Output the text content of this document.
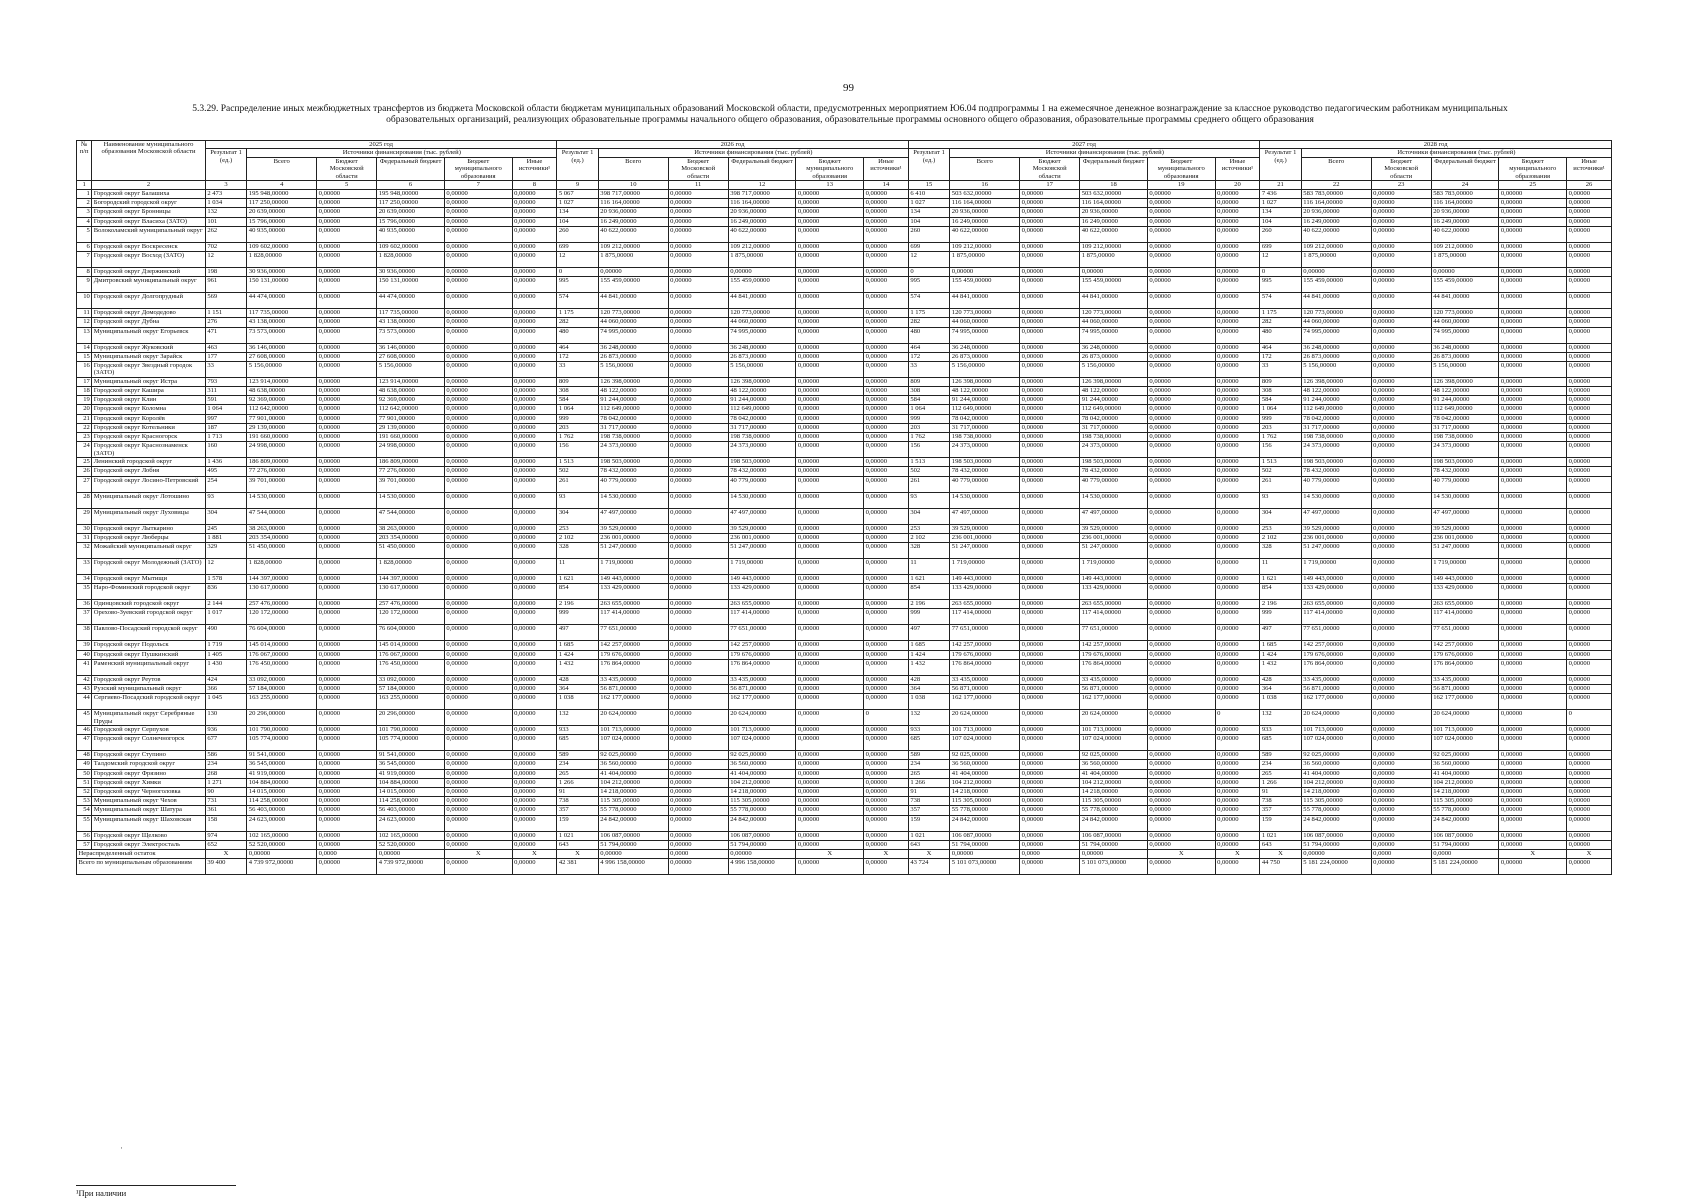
99
5.3.29. Распределение иных межбюджетных трансфертов из бюджета Московской области бюджетам муниципальных образований Московской области, предусмотренных мероприятием Ю6.04 подпрограммы 1 на ежемесячное денежное вознаграждение за классное руководство педагогическим работникам муниципальных
образовательных организаций, реализующих образовательные программы начального общего образования, образовательные программы основного общего образования, образовательные программы среднего общего образования
№ п/п	Наименование муниципального образования Московской области	2025 год						2026 год						2027 год						2028 год					
		Результат 1 (ед.)	Источники финансирования (тыс. рублей)					Результат 1 (ед.)	Источники финансирования (тыс. рублей)					Результат 1 (ед.)	Источники финансирования (тыс. рублей)					Результат 1 (ед.)	Источники финансирования (тыс. рублей)				
			Всего	Бюджет Московской области	Федеральный бюджет	Бюджет муниципального образования	Иные источники¹		Всего	Бюджет Московской области	Федеральный бюджет	Бюджет муниципального образования	Иные источники¹		Всего	Бюджет Московской области	Федеральный бюджет	Бюджет муниципального образования	Иные источники¹		Всего	Бюджет Московской области	Федеральный бюджет	Бюджет муниципального образования	Иные источники¹
1	2	3	4	5	6	7	8	9	10	11	12	13	14	15	16	17	18	19	20	21	22	23	24	25	26
1	Городской округ Балашиха	2 473	195 948,00000	0,00000	195 948,00000	0,00000	0,00000	5 067	398 717,00000	0,00000	398 717,00000	0,00000	0,00000	6 410	503 632,00000	0,00000	503 632,00000	0,00000	0,00000	7 436	583 783,00000	0,00000	583 783,00000	0,00000	0,00000
2	Богородский городской округ	1 034	117 250,00000	0,00000	117 250,00000	0,00000	0,00000	1 027	116 164,00000	0,00000	116 164,00000	0,00000	0,00000	1 027	116 164,00000	0,00000	116 164,00000	0,00000	0,00000	1 027	116 164,00000	0,00000	116 164,00000	0,00000	0,00000
3	Городской округ Бронницы	132	20 639,00000	0,00000	20 639,00000	0,00000	0,00000	134	20 936,00000	0,00000	20 936,00000	0,00000	0,00000	134	20 936,00000	0,00000	20 936,00000	0,00000	0,00000	134	20 936,00000	0,00000	20 936,00000	0,00000	0,00000
4	Городской округ Власиха (ЗАТО)	101	15 796,00000	0,00000	15 796,00000	0,00000	0,00000	104	16 249,00000	0,00000	16 249,00000	0,00000	0,00000	104	16 249,00000	0,00000	16 249,00000	0,00000	0,00000	104	16 249,00000	0,00000	16 249,00000	0,00000	0,00000
5	Волоколамский муниципальный округ	262	40 935,00000	0,00000	40 935,00000	0,00000	0,00000	260	40 622,00000	0,00000	40 622,00000	0,00000	0,00000	260	40 622,00000	0,00000	40 622,00000	0,00000	0,00000	260	40 622,00000	0,00000	40 622,00000	0,00000	0,00000
6	Городской округ Воскресенск	702	109 602,00000	0,00000	109 602,00000	0,00000	0,00000	699	109 212,00000	0,00000	109 212,00000	0,00000	0,00000	699	109 212,00000	0,00000	109 212,00000	0,00000	0,00000	699	109 212,00000	0,00000	109 212,00000	0,00000	0,00000
7	Городской округ Восход (ЗАТО)	12	1 828,00000	0,00000	1 828,00000	0,00000	0,00000	12	1 875,00000	0,00000	1 875,00000	0,00000	0,00000	12	1 875,00000	0,00000	1 875,00000	0,00000	0,00000	12	1 875,00000	0,00000	1 875,00000	0,00000	0,00000
8	Городской округ Дзержинский	198	30 936,00000	0,00000	30 936,00000	0,00000	0,00000	0	0,00000	0,00000	0,00000	0,00000	0,00000	0	0,00000	0,00000	0,00000	0,00000	0,00000	0	0,00000	0,00000	0,00000	0,00000	0,00000
9	Дмитровский муниципальный округ	961	150 131,00000	0,00000	150 131,00000	0,00000	0,00000	995	155 459,00000	0,00000	155 459,00000	0,00000	0,00000	995	155 459,00000	0,00000	155 459,00000	0,00000	0,00000	995	155 459,00000	0,00000	155 459,00000	0,00000	0,00000
10	Городской округ Долгопрудный	569	44 474,00000	0,00000	44 474,00000	0,00000	0,00000	574	44 841,00000	0,00000	44 841,00000	0,00000	0,00000	574	44 841,00000	0,00000	44 841,00000	0,00000	0,00000	574	44 841,00000	0,00000	44 841,00000	0,00000	0,00000
11	Городской округ Домодедово	1 151	117 735,00000	0,00000	117 735,00000	0,00000	0,00000	1 175	120 773,00000	0,00000	120 773,00000	0,00000	0,00000	1 175	120 773,00000	0,00000	120 773,00000	0,00000	0,00000	1 175	120 773,00000	0,00000	120 773,00000	0,00000	0,00000
12	Городской округ Дубна	276	43 138,00000	0,00000	43 138,00000	0,00000	0,00000	282	44 060,00000	0,00000	44 060,00000	0,00000	0,00000	282	44 060,00000	0,00000	44 060,00000	0,00000	0,00000	282	44 060,00000	0,00000	44 060,00000	0,00000	0,00000
13	Муниципальный округ Егорьевск	471	73 573,00000	0,00000	73 573,00000	0,00000	0,00000	480	74 995,00000	0,00000	74 995,00000	0,00000	0,00000	480	74 995,00000	0,00000	74 995,00000	0,00000	0,00000	480	74 995,00000	0,00000	74 995,00000	0,00000	0,00000
14	Городской округ Жуковский	463	36 146,00000	0,00000	36 146,00000	0,00000	0,00000	464	36 248,00000	0,00000	36 248,00000	0,00000	0,00000	464	36 248,00000	0,00000	36 248,00000	0,00000	0,00000	464	36 248,00000	0,00000	36 248,00000	0,00000	0,00000
15	Муниципальный округ Зарайск	177	27 608,00000	0,00000	27 608,00000	0,00000	0,00000	172	26 873,00000	0,00000	26 873,00000	0,00000	0,00000	172	26 873,00000	0,00000	26 873,00000	0,00000	0,00000	172	26 873,00000	0,00000	26 873,00000	0,00000	0,00000
16	Городской округ Звездный городок (ЗАТО)	33	5 156,00000	0,00000	5 156,00000	0,00000	0,00000	33	5 156,00000	0,00000	5 156,00000	0,00000	0,00000	33	5 156,00000	0,00000	5 156,00000	0,00000	0,00000	33	5 156,00000	0,00000	5 156,00000	0,00000	0,00000
17	Муниципальный округ Истра	793	123 914,00000	0,00000	123 914,00000	0,00000	0,00000	809	126 398,00000	0,00000	126 398,00000	0,00000	0,00000	809	126 398,00000	0,00000	126 398,00000	0,00000	0,00000	809	126 398,00000	0,00000	126 398,00000	0,00000	0,00000
18	Городской округ Кашира	311	48 638,00000	0,00000	48 638,00000	0,00000	0,00000	308	48 122,00000	0,00000	48 122,00000	0,00000	0,00000	308	48 122,00000	0,00000	48 122,00000	0,00000	0,00000	308	48 122,00000	0,00000	48 122,00000	0,00000	0,00000
19	Городской округ Клин	591	92 369,00000	0,00000	92 369,00000	0,00000	0,00000	584	91 244,00000	0,00000	91 244,00000	0,00000	0,00000	584	91 244,00000	0,00000	91 244,00000	0,00000	0,00000	584	91 244,00000	0,00000	91 244,00000	0,00000	0,00000
20	Городской округ Коломна	1 064	112 642,00000	0,00000	112 642,00000	0,00000	0,00000	1 064	112 649,00000	0,00000	112 649,00000	0,00000	0,00000	1 064	112 649,00000	0,00000	112 649,00000	0,00000	0,00000	1 064	112 649,00000	0,00000	112 649,00000	0,00000	0,00000
21	Городской округ Королёв	997	77 901,00000	0,00000	77 901,00000	0,00000	0,00000	999	78 042,00000	0,00000	78 042,00000	0,00000	0,00000	999	78 042,00000	0,00000	78 042,00000	0,00000	0,00000	999	78 042,00000	0,00000	78 042,00000	0,00000	0,00000
22	Городской округ Котельники	187	29 139,00000	0,00000	29 139,00000	0,00000	0,00000	203	31 717,00000	0,00000	31 717,00000	0,00000	0,00000	203	31 717,00000	0,00000	31 717,00000	0,00000	0,00000	203	31 717,00000	0,00000	31 717,00000	0,00000	0,00000
23	Городской округ Красногорск	1 713	191 660,00000	0,00000	191 660,00000	0,00000	0,00000	1 762	198 738,00000	0,00000	198 738,00000	0,00000	0,00000	1 762	198 738,00000	0,00000	198 738,00000	0,00000	0,00000	1 762	198 738,00000	0,00000	198 738,00000	0,00000	0,00000
24	Городской округ Краснознаменск (ЗАТО)	160	24 998,00000	0,00000	24 998,00000	0,00000	0,00000	156	24 373,00000	0,00000	24 373,00000	0,00000	0,00000	156	24 373,00000	0,00000	24 373,00000	0,00000	0,00000	156	24 373,00000	0,00000	24 373,00000	0,00000	0,00000
25	Ленинский городской округ	1 436	186 809,00000	0,00000	186 809,00000	0,00000	0,00000	1 513	198 503,00000	0,00000	198 503,00000	0,00000	0,00000	1 513	198 503,00000	0,00000	198 503,00000	0,00000	0,00000	1 513	198 503,00000	0,00000	198 503,00000	0,00000	0,00000
26	Городской округ Лобня	495	77 276,00000	0,00000	77 276,00000	0,00000	0,00000	502	78 432,00000	0,00000	78 432,00000	0,00000	0,00000	502	78 432,00000	0,00000	78 432,00000	0,00000	0,00000	502	78 432,00000	0,00000	78 432,00000	0,00000	0,00000
27	Городской округ Лосино-Петровский	254	39 701,00000	0,00000	39 701,00000	0,00000	0,00000	261	40 779,00000	0,00000	40 779,00000	0,00000	0,00000	261	40 779,00000	0,00000	40 779,00000	0,00000	0,00000	261	40 779,00000	0,00000	40 779,00000	0,00000	0,00000
28	Муниципальный округ Лотошино	93	14 530,00000	0,00000	14 530,00000	0,00000	0,00000	93	14 530,00000	0,00000	14 530,00000	0,00000	0,00000	93	14 530,00000	0,00000	14 530,00000	0,00000	0,00000	93	14 530,00000	0,00000	14 530,00000	0,00000	0,00000
29	Муниципальный округ Луховицы	304	47 544,00000	0,00000	47 544,00000	0,00000	0,00000	304	47 497,00000	0,00000	47 497,00000	0,00000	0,00000	304	47 497,00000	0,00000	47 497,00000	0,00000	0,00000	304	47 497,00000	0,00000	47 497,00000	0,00000	0,00000
30	Городской округ Лыткарино	245	38 263,00000	0,00000	38 263,00000	0,00000	0,00000	253	39 529,00000	0,00000	39 529,00000	0,00000	0,00000	253	39 529,00000	0,00000	39 529,00000	0,00000	0,00000	253	39 529,00000	0,00000	39 529,00000	0,00000	0,00000
31	Городской округ Люберцы	1 881	203 354,00000	0,00000	203 354,00000	0,00000	0,00000	2 102	236 001,00000	0,00000	236 001,00000	0,00000	0,00000	2 102	236 001,00000	0,00000	236 001,00000	0,00000	0,00000	2 102	236 001,00000	0,00000	236 001,00000	0,00000	0,00000
32	Можайский муниципальный округ	329	51 450,00000	0,00000	51 450,00000	0,00000	0,00000	328	51 247,00000	0,00000	51 247,00000	0,00000	0,00000	328	51 247,00000	0,00000	51 247,00000	0,00000	0,00000	328	51 247,00000	0,00000	51 247,00000	0,00000	0,00000
33	Городской округ Молодежный (ЗАТО)	12	1 828,00000	0,00000	1 828,00000	0,00000	0,00000	11	1 719,00000	0,00000	1 719,00000	0,00000	0,00000	11	1 719,00000	0,00000	1 719,00000	0,00000	0,00000	11	1 719,00000	0,00000	1 719,00000	0,00000	0,00000
34	Городской округ Мытищи	1 578	144 397,00000	0,00000	144 397,00000	0,00000	0,00000	1 621	149 443,00000	0,00000	149 443,00000	0,00000	0,00000	1 621	149 443,00000	0,00000	149 443,00000	0,00000	0,00000	1 621	149 443,00000	0,00000	149 443,00000	0,00000	0,00000
35	Наро-Фоминский городской округ	836	130 617,00000	0,00000	130 617,00000	0,00000	0,00000	854	133 429,00000	0,00000	133 429,00000	0,00000	0,00000	854	133 429,00000	0,00000	133 429,00000	0,00000	0,00000	854	133 429,00000	0,00000	133 429,00000	0,00000	0,00000
36	Одинцовский городской округ	2 144	257 476,00000	0,00000	257 476,00000	0,00000	0,00000	2 196	263 655,00000	0,00000	263 655,00000	0,00000	0,00000	2 196	263 655,00000	0,00000	263 655,00000	0,00000	0,00000	2 196	263 655,00000	0,00000	263 655,00000	0,00000	0,00000
37	Орехово-Зуевский городской округ	1 017	120 172,00000	0,00000	120 172,00000	0,00000	0,00000	999	117 414,00000	0,00000	117 414,00000	0,00000	0,00000	999	117 414,00000	0,00000	117 414,00000	0,00000	0,00000	999	117 414,00000	0,00000	117 414,00000	0,00000	0,00000
38	Павлово-Посадский городской округ	490	76 604,00000	0,00000	76 604,00000	0,00000	0,00000	497	77 651,00000	0,00000	77 651,00000	0,00000	0,00000	497	77 651,00000	0,00000	77 651,00000	0,00000	0,00000	497	77 651,00000	0,00000	77 651,00000	0,00000	0,00000
39	Городской округ Подольск	1 719	145 014,00000	0,00000	145 014,00000	0,00000	0,00000	1 685	142 257,00000	0,00000	142 257,00000	0,00000	0,00000	1 685	142 257,00000	0,00000	142 257,00000	0,00000	0,00000	1 685	142 257,00000	0,00000	142 257,00000	0,00000	0,00000
40	Городской округ Пушкинский	1 405	176 067,00000	0,00000	176 067,00000	0,00000	0,00000	1 424	179 676,00000	0,00000	179 676,00000	0,00000	0,00000	1 424	179 676,00000	0,00000	179 676,00000	0,00000	0,00000	1 424	179 676,00000	0,00000	179 676,00000	0,00000	0,00000
41	Раменский муниципальный округ	1 430	176 450,00000	0,00000	176 450,00000	0,00000	0,00000	1 432	176 864,00000	0,00000	176 864,00000	0,00000	0,00000	1 432	176 864,00000	0,00000	176 864,00000	0,00000	0,00000	1 432	176 864,00000	0,00000	176 864,00000	0,00000	0,00000
42	Городской округ Реутов	424	33 092,00000	0,00000	33 092,00000	0,00000	0,00000	428	33 435,00000	0,00000	33 435,00000	0,00000	0,00000	428	33 435,00000	0,00000	33 435,00000	0,00000	0,00000	428	33 435,00000	0,00000	33 435,00000	0,00000	0,00000
43	Рузский муниципальный округ	366	57 184,00000	0,00000	57 184,00000	0,00000	0,00000	364	56 871,00000	0,00000	56 871,00000	0,00000	0,00000	364	56 871,00000	0,00000	56 871,00000	0,00000	0,00000	364	56 871,00000	0,00000	56 871,00000	0,00000	0,00000
44	Сергиево-Посадский городской округ	1 045	163 255,00000	0,00000	163 255,00000	0,00000	0,00000	1 038	162 177,00000	0,00000	162 177,00000	0,00000	0,00000	1 038	162 177,00000	0,00000	162 177,00000	0,00000	0,00000	1 038	162 177,00000	0,00000	162 177,00000	0,00000	0,00000
45	Муниципальный округ Серебряные Пруды	130	20 296,00000	0,00000	20 296,00000	0,00000	0,00000	132	20 624,00000	0,00000	20 624,00000	0,00000	0	132	20 624,00000	0,00000	20 624,00000	0,00000	0	132	20 624,00000	0,00000	20 624,00000	0,00000	0
46	Городской округ Серпухов	936	101 790,00000	0,00000	101 790,00000	0,00000	0,00000	933	101 713,00000	0,00000	101 713,00000	0,00000	0,00000	933	101 713,00000	0,00000	101 713,00000	0,00000	0,00000	933	101 713,00000	0,00000	101 713,00000	0,00000	0,00000
47	Городской округ Солнечногорск	677	105 774,00000	0,00000	105 774,00000	0,00000	0,00000	685	107 024,00000	0,00000	107 024,00000	0,00000	0,00000	685	107 024,00000	0,00000	107 024,00000	0,00000	0,00000	685	107 024,00000	0,00000	107 024,00000	0,00000	0,00000
48	Городской округ Ступино	586	91 541,00000	0,00000	91 541,00000	0,00000	0,00000	589	92 025,00000	0,00000	92 025,00000	0,00000	0,00000	589	92 025,00000	0,00000	92 025,00000	0,00000	0,00000	589	92 025,00000	0,00000	92 025,00000	0,00000	0,00000
49	Талдомский городской округ	234	36 545,00000	0,00000	36 545,00000	0,00000	0,00000	234	36 560,00000	0,00000	36 560,00000	0,00000	0,00000	234	36 560,00000	0,00000	36 560,00000	0,00000	0,00000	234	36 560,00000	0,00000	36 560,00000	0,00000	0,00000
50	Городской округ Фрязино	268	41 919,00000	0,00000	41 919,00000	0,00000	0,00000	265	41 404,00000	0,00000	41 404,00000	0,00000	0,00000	265	41 404,00000	0,00000	41 404,00000	0,00000	0,00000	265	41 404,00000	0,00000	41 404,00000	0,00000	0,00000
51	Городской округ Химки	1 271	104 884,00000	0,00000	104 884,00000	0,00000	0,00000	1 266	104 212,00000	0,00000	104 212,00000	0,00000	0,00000	1 266	104 212,00000	0,00000	104 212,00000	0,00000	0,00000	1 266	104 212,00000	0,00000	104 212,00000	0,00000	0,00000
52	Городской округ Черноголовка	90	14 015,00000	0,00000	14 015,00000	0,00000	0,00000	91	14 218,00000	0,00000	14 218,00000	0,00000	0,00000	91	14 218,00000	0,00000	14 218,00000	0,00000	0,00000	91	14 218,00000	0,00000	14 218,00000	0,00000	0,00000
53	Муниципальный округ Чехов	731	114 258,00000	0,00000	114 258,00000	0,00000	0,00000	738	115 305,00000	0,00000	115 305,00000	0,00000	0,00000	738	115 305,00000	0,00000	115 305,00000	0,00000	0,00000	738	115 305,00000	0,00000	115 305,00000	0,00000	0,00000
54	Муниципальный округ Шатура	361	56 403,00000	0,00000	56 403,00000	0,00000	0,00000	357	55 778,00000	0,00000	55 778,00000	0,00000	0,00000	357	55 778,00000	0,00000	55 778,00000	0,00000	0,00000	357	55 778,00000	0,00000	55 778,00000	0,00000	0,00000
55	Муниципальный округ Шаховская	158	24 623,00000	0,00000	24 623,00000	0,00000	0,00000	159	24 842,00000	0,00000	24 842,00000	0,00000	0,00000	159	24 842,00000	0,00000	24 842,00000	0,00000	0,00000	159	24 842,00000	0,00000	24 842,00000	0,00000	0,00000
56	Городской округ Щелково	974	102 165,00000	0,00000	102 165,00000	0,00000	0,00000	1 021	106 087,00000	0,00000	106 087,00000	0,00000	0,00000	1 021	106 087,00000	0,00000	106 087,00000	0,00000	0,00000	1 021	106 087,00000	0,00000	106 087,00000	0,00000	0,00000
57	Городской округ Электросталь	652	52 520,00000	0,00000	52 520,00000	0,00000	0,00000	643	51 794,00000	0,00000	51 794,00000	0,00000	0,00000	643	51 794,00000	0,00000	51 794,00000	0,00000	0,00000	643	51 794,00000	0,00000	51 794,00000	0,00000	0,00000
Нераспределенный остаток		X	0,00000	0,0000	0,00000	X	X	X	0,00000	0,0000	0,00000	X	X	X	0,00000	0,0000	0,00000	X	X	X	0,00000	0,0000	0,0000	X	X
Всего по муниципальным образованиям		39 400	4 739 972,00000	0,00000	4 739 972,00000	0,00000	0,00000	42 381	4 996 158,00000	0,00000	4 996 158,00000	0,00000	0,00000	43 724	5 101 073,00000	0,00000	5 101 073,00000	0,00000	0,00000	44 750	5 181 224,00000	0,00000	5 181 224,00000	0,00000	0,00000
¹При наличии
·
